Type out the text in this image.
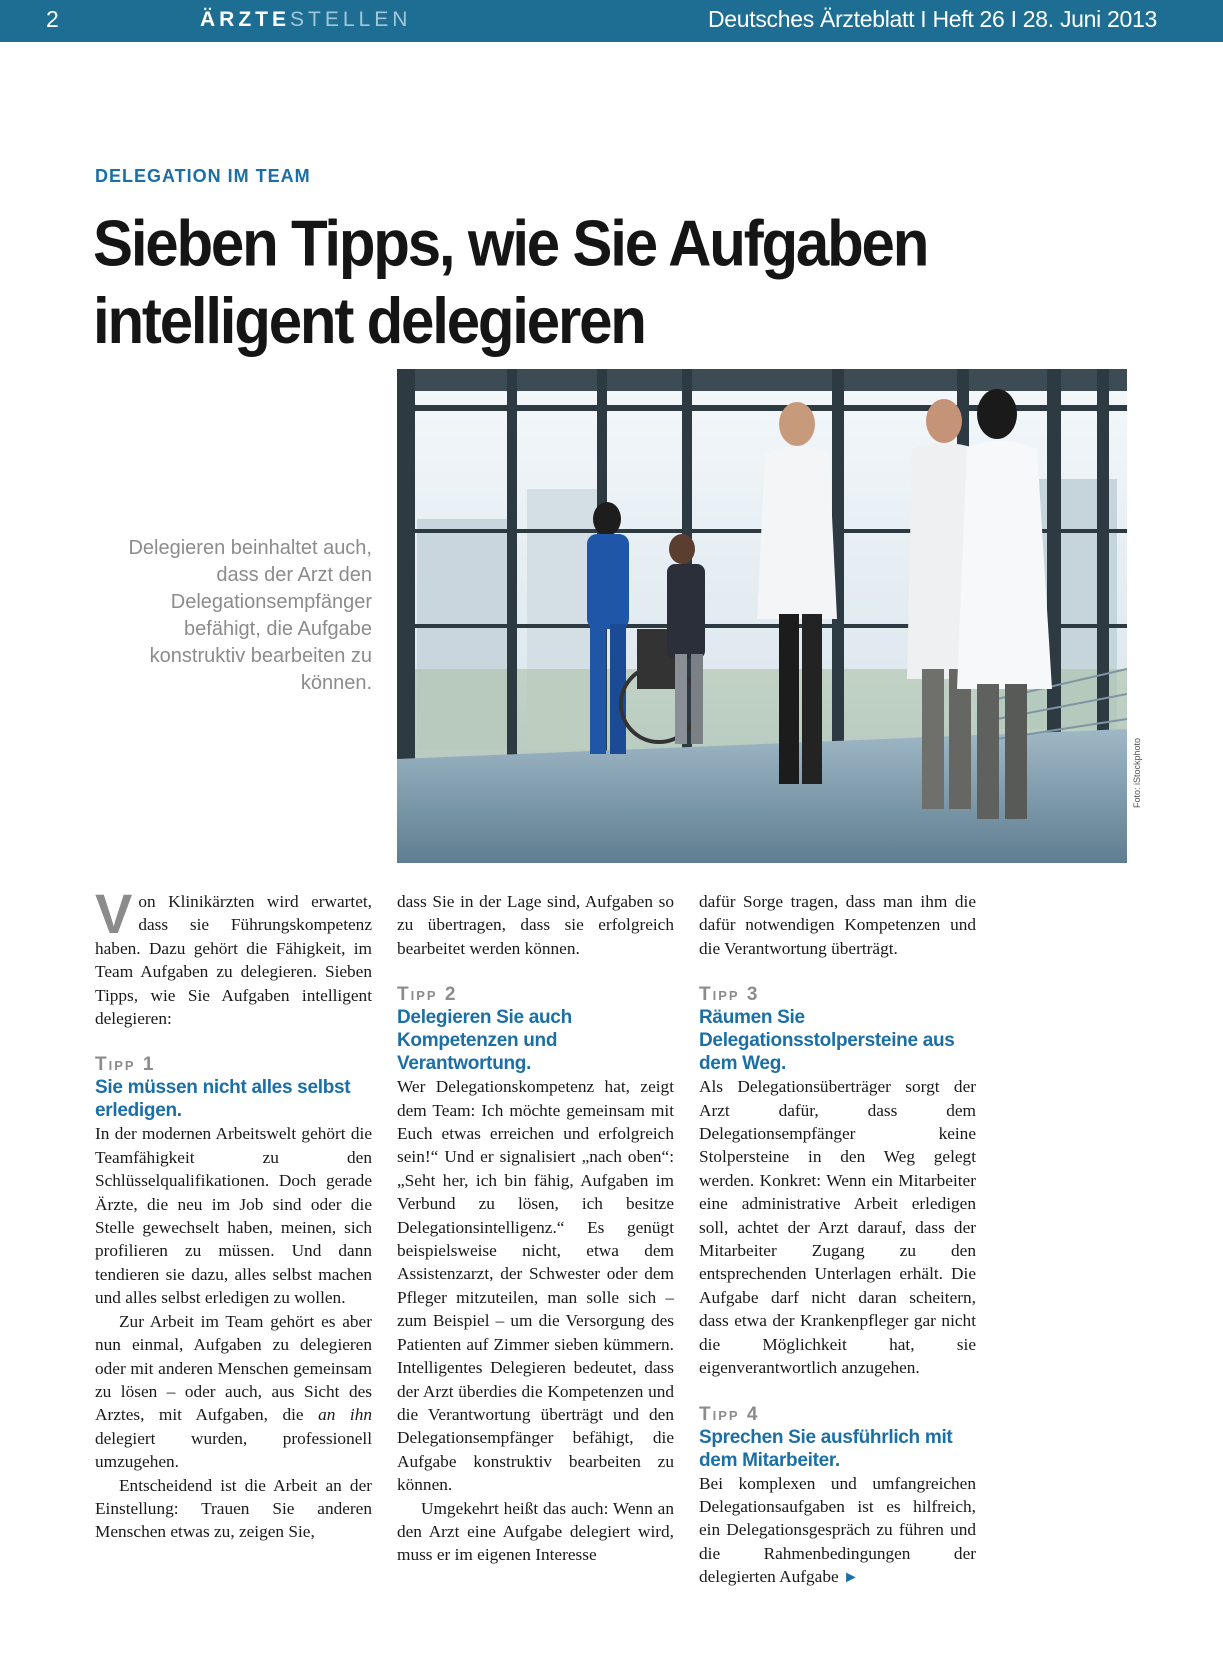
2	ÄRZTESTELLEN	Deutsches Ärzteblatt I Heft 26 I 28. Juni 2013
DELEGATION IM TEAM
Sieben Tipps, wie Sie Aufgaben
intelligent delegieren
Delegieren beinhaltet auch, dass der Arzt den Delegationsempfänger befähigt, die Aufgabe konstruktiv bearbeiten zu können.
Foto: iStockphoto

Von Klinikärzten wird erwartet, dass sie Führungskompetenz haben. Dazu gehört die Fähigkeit, im Team Aufgaben zu delegieren. Sieben Tipps, wie Sie Aufgaben intelligent delegieren:

Tipp 1
Sie müssen nicht alles selbst erledigen.

In der modernen Arbeitswelt gehört die Teamfähigkeit zu den Schlüsselqualifikationen. Doch gerade Ärzte, die neu im Job sind oder die Stelle gewechselt haben, meinen, sich profilieren zu müssen. Und dann tendieren sie dazu, alles selbst machen und alles selbst erledigen zu wollen.

Zur Arbeit im Team gehört es aber nun einmal, Aufgaben zu delegieren oder mit anderen Menschen gemeinsam zu lösen – oder auch, aus Sicht des Arztes, mit Aufgaben, die an ihn delegiert wurden, professionell umzugehen.

Entscheidend ist die Arbeit an der Einstellung: Trauen Sie anderen Menschen etwas zu, zeigen Sie,

dass Sie in der Lage sind, Aufgaben so zu übertragen, dass sie erfolgreich bearbeitet werden können.

Tipp 2
Delegieren Sie auch Kompetenzen und Verantwortung.

Wer Delegationskompetenz hat, zeigt dem Team: Ich möchte gemeinsam mit Euch etwas erreichen und erfolgreich sein!“ Und er signalisiert „nach oben“: „Seht her, ich bin fähig, Aufgaben im Verbund zu lösen, ich besitze Delegationsintelligenz.“ Es genügt beispielsweise nicht, etwa dem Assistenzarzt, der Schwester oder dem Pfleger mitzuteilen, man solle sich – zum Beispiel – um die Versorgung des Patienten auf Zimmer sieben kümmern. Intelligentes Delegieren bedeutet, dass der Arzt überdies die Kompetenzen und die Verantwortung überträgt und den Delegationsempfänger befähigt, die Aufgabe konstruktiv bearbeiten zu können.

Umgekehrt heißt das auch: Wenn an den Arzt eine Aufgabe delegiert wird, muss er im eigenen Interesse

dafür Sorge tragen, dass man ihm die dafür notwendigen Kompetenzen und die Verantwortung überträgt.

Tipp 3
Räumen Sie Delegationsstolpersteine aus dem Weg.

Als Delegationsüberträger sorgt der Arzt dafür, dass dem Delegationsempfänger keine Stolpersteine in den Weg gelegt werden. Konkret: Wenn ein Mitarbeiter eine administrative Arbeit erledigen soll, achtet der Arzt darauf, dass der Mitarbeiter Zugang zu den entsprechenden Unterlagen erhält. Die Aufgabe darf nicht daran scheitern, dass etwa der Krankenpfleger gar nicht die Möglichkeit hat, sie eigenverantwortlich anzugehen.

Tipp 4
Sprechen Sie ausführlich mit dem Mitarbeiter.

Bei komplexen und umfangreichen Delegationsaufgaben ist es hilfreich, ein Delegationsgespräch zu führen und die Rahmenbedingungen der delegierten Aufgabe ►
